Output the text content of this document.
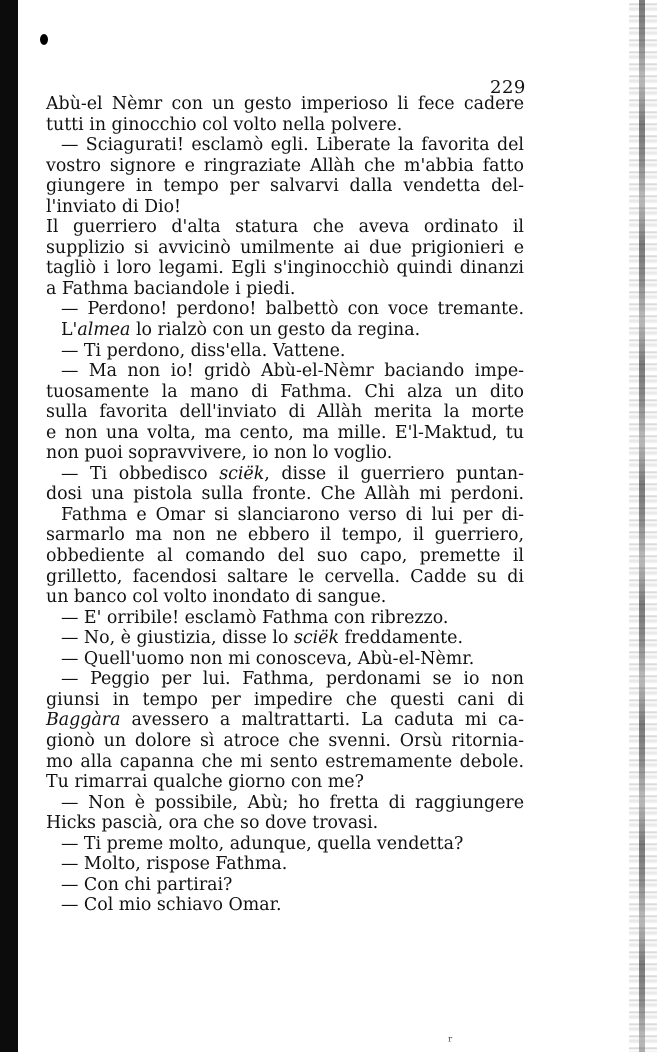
229
Abù-el Nèmr con un gesto imperioso li fece cadere
tutti in ginocchio col volto nella polvere.
— Sciagurati! esclamò egli. Liberate la favorita del
vostro signore e ringraziate Allàh che m'abbia fatto
giungere in tempo per salvarvi dalla vendetta del-
l'inviato di Dio!
Il guerriero d'alta statura che aveva ordinato il
supplizio si avvicinò umilmente ai due prigionieri e
tagliò i loro legami. Egli s'inginocchiò quindi dinanzi
a Fathma baciandole i piedi.
— Perdono! perdono! balbettò con voce tremante.
L'almea lo rialzò con un gesto da regina.
— Ti perdono, diss'ella. Vattene.
— Ma non io! gridò Abù-el-Nèmr baciando impe-
tuosamente la mano di Fathma. Chi alza un dito
sulla favorita dell'inviato di Allàh merita la morte
e non una volta, ma cento, ma mille. E'l-Maktud, tu
non puoi sopravvivere, io non lo voglio.
— Ti obbedisco sciëk, disse il guerriero puntan-
dosi una pistola sulla fronte. Che Allàh mi perdoni.
Fathma e Omar si slanciarono verso di lui per di-
sarmarlo ma non ne ebbero il tempo, il guerriero,
obbediente al comando del suo capo, premette il
grilletto, facendosi saltare le cervella. Cadde su di
un banco col volto inondato di sangue.
— E' orribile! esclamò Fathma con ribrezzo.
— No, è giustizia, disse lo sciëk freddamente.
— Quell'uomo non mi conosceva, Abù-el-Nèmr.
— Peggio per lui. Fathma, perdonami se io non
giunsi in tempo per impedire che questi cani di
Baggàra avessero a maltrattarti. La caduta mi ca-
gionò un dolore sì atroce che svenni. Orsù ritornia-
mo alla capanna che mi sento estremamente debole.
Tu rimarrai qualche giorno con me?
— Non è possibile, Abù; ho fretta di raggiungere
Hicks pascià, ora che so dove trovasi.
— Ti preme molto, adunque, quella vendetta?
— Molto, rispose Fathma.
— Con chi partirai?
— Col mio schiavo Omar.
ʳ
